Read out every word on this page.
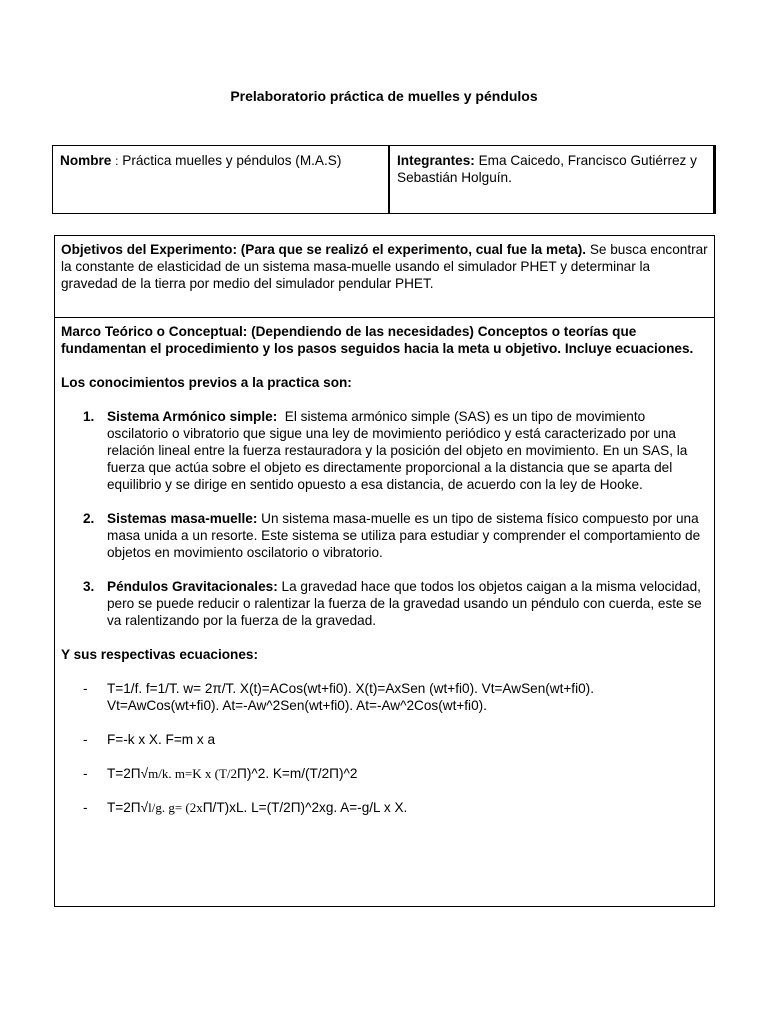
Prelaboratorio práctica de muelles y péndulos
Nombre : Práctica muelles y péndulos (M.A.S)	Integrantes: Ema Caicedo, Francisco Gutiérrez y Sebastián Holguín.

Objetivos del Experimento: (Para que se realizó el experimento, cual fue la meta). Se busca encontrar la constante de elasticidad de un sistema masa-muelle usando el simulador PHET y determinar la gravedad de la tierra por medio del simulador pendular PHET.

Marco Teórico o Conceptual: (Dependiendo de las necesidades) Conceptos o teorías que fundamentan el procedimiento y los pasos seguidos hacia la meta u objetivo. Incluye ecuaciones.

Los conocimientos previos a la practica son:

1. Sistema Armónico simple: El sistema armónico simple (SAS) es un tipo de movimiento oscilatorio o vibratorio que sigue una ley de movimiento periódico y está caracterizado por una relación lineal entre la fuerza restauradora y la posición del objeto en movimiento. En un SAS, la fuerza que actúa sobre el objeto es directamente proporcional a la distancia que se aparta del equilibrio y se dirige en sentido opuesto a esa distancia, de acuerdo con la ley de Hooke.
2. Sistemas masa-muelle: Un sistema masa-muelle es un tipo de sistema físico compuesto por una masa unida a un resorte. Este sistema se utiliza para estudiar y comprender el comportamiento de objetos en movimiento oscilatorio o vibratorio.
3. Péndulos Gravitacionales: La gravedad hace que todos los objetos caigan a la misma velocidad, pero se puede reducir o ralentizar la fuerza de la gravedad usando un péndulo con cuerda, este se va ralentizando por la fuerza de la gravedad.

Y sus respectivas ecuaciones:

- T=1/f. f=1/T. w= 2π/T. X(t)=ACos(wt+fi0). X(t)=AxSen (wt+fi0). Vt=AwSen(wt+fi0). Vt=AwCos(wt+fi0). At=-Aw^2Sen(wt+fi0). At=-Aw^2Cos(wt+fi0).
- F=-k x X. F=m x a
- T=2Π√m/k. m=K x (T/2Π)^2. K=m/(T/2Π)^2
- T=2Π√l/g. g= (2xΠ/T)xL. L=(T/2Π)^2xg. A=-g/L x X.
